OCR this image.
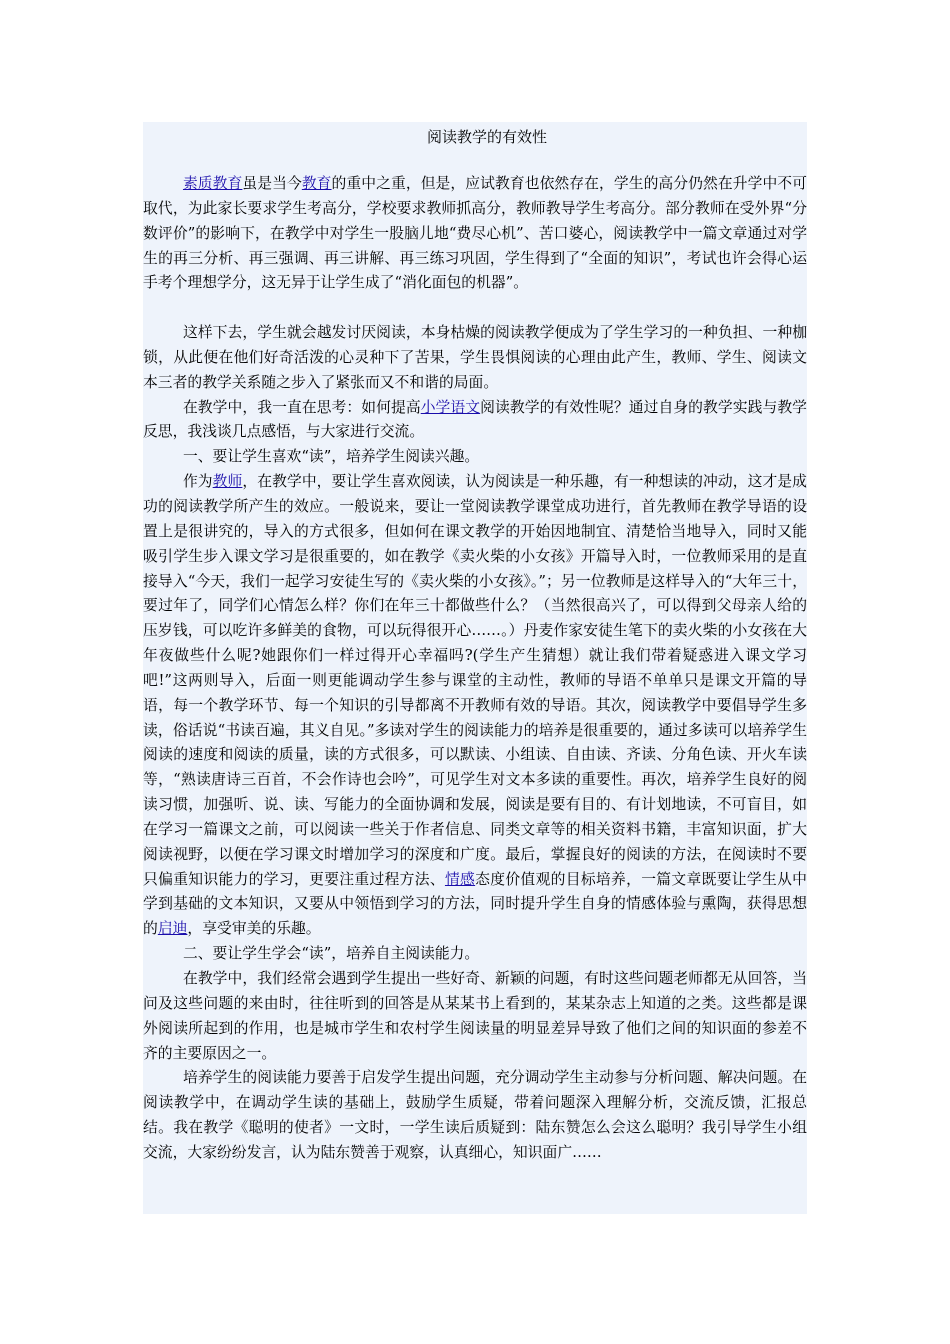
阅读教学的有效性

素质教育虽是当今教育的重中之重，但是，应试教育也依然存在，学生的高分仍然在升学中不可取代，为此家长要求学生考高分，学校要求教师抓高分，教师教导学生考高分。部分教师在受外界“分数评价”的影响下，在教学中对学生一股脑儿地“费尽心机”、苦口婆心，阅读教学中一篇文章通过对学生的再三分析、再三强调、再三讲解、再三练习巩固，学生得到了“全面的知识”，考试也许会得心运手考个理想学分，这无异于让学生成了“消化面包的机器”。

这样下去，学生就会越发讨厌阅读，本身枯燥的阅读教学便成为了学生学习的一种负担、一种枷锁，从此便在他们好奇活泼的心灵种下了苦果，学生畏惧阅读的心理由此产生，教师、学生、阅读文本三者的教学关系随之步入了紧张而又不和谐的局面。

在教学中，我一直在思考：如何提高小学语文阅读教学的有效性呢？通过自身的教学实践与教学反思，我浅谈几点感悟，与大家进行交流。

一、要让学生喜欢“读”，培养学生阅读兴趣。

作为教师，在教学中，要让学生喜欢阅读，认为阅读是一种乐趣，有一种想读的冲动，这才是成功的阅读教学所产生的效应。一般说来，要让一堂阅读教学课堂成功进行，首先教师在教学导语的设置上是很讲究的，导入的方式很多，但如何在课文教学的开始因地制宜、清楚恰当地导入，同时又能吸引学生步入课文学习是很重要的，如在教学《卖火柴的小女孩》开篇导入时，一位教师采用的是直接导入“今天，我们一起学习安徒生写的《卖火柴的小女孩》。”；另一位教师是这样导入的“大年三十，要过年了，同学们心情怎么样？你们在年三十都做些什么？（当然很高兴了，可以得到父母亲人给的压岁钱，可以吃许多鲜美的食物，可以玩得很开心……。）丹麦作家安徒生笔下的卖火柴的小女孩在大年夜做些什么呢?她跟你们一样过得开心幸福吗?(学生产生猜想）就让我们带着疑惑进入课文学习吧!”这两则导入，后面一则更能调动学生参与课堂的主动性，教师的导语不单单只是课文开篇的导语，每一个教学环节、每一个知识的引导都离不开教师有效的导语。其次，阅读教学中要倡导学生多读，俗话说“书读百遍，其义自见。”多读对学生的阅读能力的培养是很重要的，通过多读可以培养学生阅读的速度和阅读的质量，读的方式很多，可以默读、小组读、自由读、齐读、分角色读、开火车读等，“熟读唐诗三百首，不会作诗也会吟”，可见学生对文本多读的重要性。再次，培养学生良好的阅读习惯，加强听、说、读、写能力的全面协调和发展，阅读是要有目的、有计划地读，不可盲目，如在学习一篇课文之前，可以阅读一些关于作者信息、同类文章等的相关资料书籍，丰富知识面，扩大阅读视野，以便在学习课文时增加学习的深度和广度。最后，掌握良好的阅读的方法，在阅读时不要只偏重知识能力的学习，更要注重过程方法、情感态度价值观的目标培养，一篇文章既要让学生从中学到基础的文本知识，又要从中领悟到学习的方法，同时提升学生自身的情感体验与熏陶，获得思想的启迪，享受审美的乐趣。

二、要让学生学会“读”，培养自主阅读能力。

在教学中，我们经常会遇到学生提出一些好奇、新颖的问题，有时这些问题老师都无从回答，当问及这些问题的来由时，往往听到的回答是从某某书上看到的，某某杂志上知道的之类。这些都是课外阅读所起到的作用，也是城市学生和农村学生阅读量的明显差异导致了他们之间的知识面的参差不齐的主要原因之一。

培养学生的阅读能力要善于启发学生提出问题，充分调动学生主动参与分析问题、解决问题。在阅读教学中，在调动学生读的基础上，鼓励学生质疑，带着问题深入理解分析，交流反馈，汇报总结。我在教学《聪明的使者》一文时，一学生读后质疑到：陆东赞怎么会这么聪明？我引导学生小组交流，大家纷纷发言，认为陆东赞善于观察，认真细心，知识面广……
